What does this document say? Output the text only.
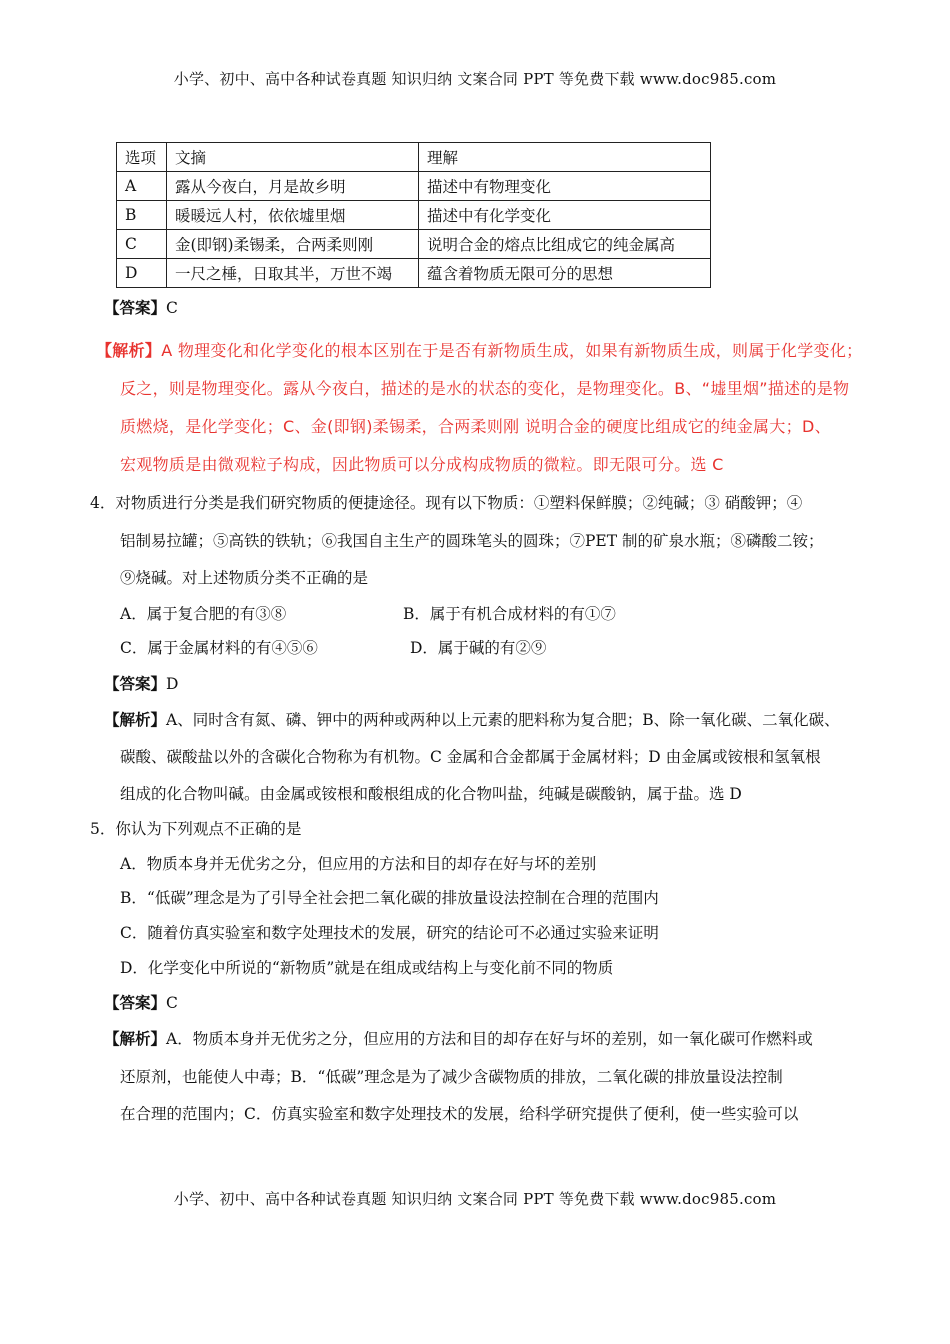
小学、初中、高中各种试卷真题 知识归纳 文案合同 PPT 等免费下载 www.doc985.com
选项	文摘	理解
A	露从今夜白，月是故乡明	描述中有物理变化
B	暖暖远人村，依依墟里烟	描述中有化学变化
C	金(即钢)柔锡柔，合两柔则刚	说明合金的熔点比组成它的纯金属高
D	一尺之棰，日取其半，万世不竭	蕴含着物质无限可分的思想
【答案】C
【解析】A 物理变化和化学变化的根本区别在于是否有新物质生成，如果有新物质生成，则属于化学变化；
反之，则是物理变化。露从今夜白，描述的是水的状态的变化，是物理变化。B、“墟里烟”描述的是物
质燃烧，是化学变化；C、金(即钢)柔锡柔，合两柔则刚 说明合金的硬度比组成它的纯金属大；D、
宏观物质是由微观粒子构成，因此物质可以分成构成物质的微粒。即无限可分。选 C
4．对物质进行分类是我们研究物质的便捷途径。现有以下物质：①塑料保鲜膜；②纯碱；③ 硝酸钾；④
铝制易拉罐；⑤高铁的铁轨；⑥我国自主生产的圆珠笔头的圆珠；⑦PET 制的矿泉水瓶；⑧磷酸二铵；
⑨烧碱。对上述物质分类不正确的是
A．属于复合肥的有③⑧	B．属于有机合成材料的有①⑦
C．属于金属材料的有④⑤⑥	D．属于碱的有②⑨
【答案】D
【解析】A、同时含有氮、磷、钾中的两种或两种以上元素的肥料称为复合肥；B、除一氧化碳、二氧化碳、
碳酸、碳酸盐以外的含碳化合物称为有机物。C 金属和合金都属于金属材料；D 由金属或铵根和氢氧根
组成的化合物叫碱。由金属或铵根和酸根组成的化合物叫盐，纯碱是碳酸钠，属于盐。选 D
5．你认为下列观点不正确的是
A．物质本身并无优劣之分，但应用的方法和目的却存在好与坏的差别
B．“低碳”理念是为了引导全社会把二氧化碳的排放量设法控制在合理的范围内
C．随着仿真实验室和数字处理技术的发展，研究的结论可不必通过实验来证明
D．化学变化中所说的“新物质”就是在组成或结构上与变化前不同的物质
【答案】C
【解析】A．物质本身并无优劣之分，但应用的方法和目的却存在好与坏的差别，如一氧化碳可作燃料或
还原剂，也能使人中毒；B．“低碳”理念是为了减少含碳物质的排放，二氧化碳的排放量设法控制
在合理的范围内；C．仿真实验室和数字处理技术的发展，给科学研究提供了便利，使一些实验可以
小学、初中、高中各种试卷真题 知识归纳 文案合同 PPT 等免费下载 www.doc985.com
